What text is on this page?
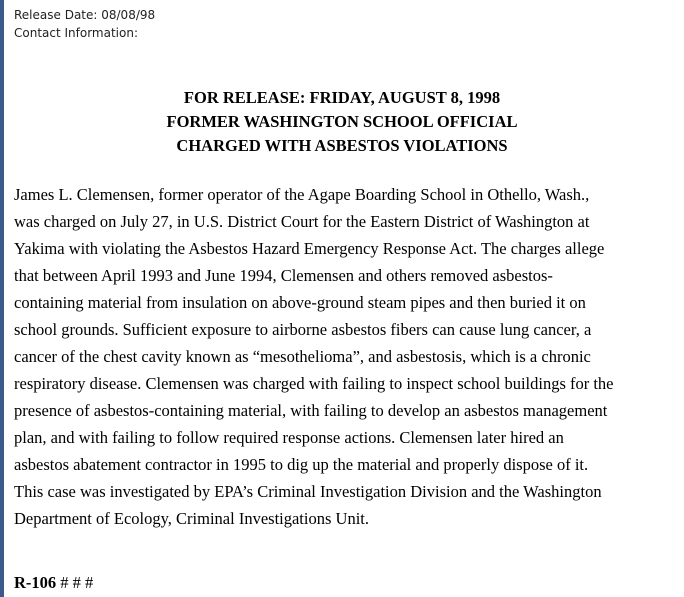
Release Date: 08/08/98
Contact Information:
FOR RELEASE: FRIDAY, AUGUST 8, 1998
FORMER WASHINGTON SCHOOL OFFICIAL
CHARGED WITH ASBESTOS VIOLATIONS
James L. Clemensen, former operator of the Agape Boarding School in Othello, Wash.,
was charged on July 27, in U.S. District Court for the Eastern District of Washington at
Yakima with violating the Asbestos Hazard Emergency Response Act. The charges allege
that between April 1993 and June 1994, Clemensen and others removed asbestos-
containing material from insulation on above-ground steam pipes and then buried it on
school grounds. Sufficient exposure to airborne asbestos fibers can cause lung cancer, a
cancer of the chest cavity known as “mesothelioma”, and asbestosis, which is a chronic
respiratory disease. Clemensen was charged with failing to inspect school buildings for the
presence of asbestos-containing material, with failing to develop an asbestos management
plan, and with failing to follow required response actions. Clemensen later hired an
asbestos abatement contractor in 1995 to dig up the material and properly dispose of it.
This case was investigated by EPA’s Criminal Investigation Division and the Washington
Department of Ecology, Criminal Investigations Unit.
R-106 # # #
